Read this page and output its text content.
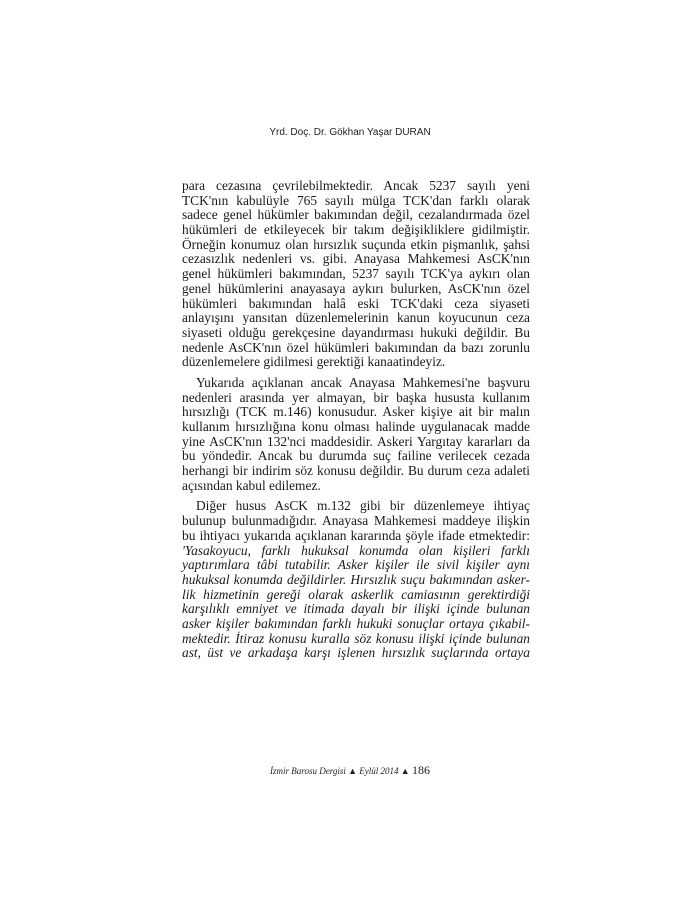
Yrd. Doç. Dr. Gökhan Yaşar DURAN
para cezasına çevrilebilmektedir. Ancak 5237 sayılı yeni
TCK'nın kabulüyle 765 sayılı mülga TCK'dan farklı olarak
sadece genel hükümler bakımından değil, cezalandırmada özel
hükümleri de etkileyecek bir takım değişikliklere gidilmiştir.
Örneğin konumuz olan hırsızlık suçunda etkin pişmanlık, şahsi
cezasızlık nedenleri vs. gibi. Anayasa Mahkemesi AsCK'nın
genel hükümleri bakımından, 5237 sayılı TCK'ya aykırı olan
genel hükümlerini anayasaya aykırı bulurken, AsCK'nın özel
hükümleri bakımından halâ eski TCK'daki ceza siyaseti
anlayışını yansıtan düzenlemelerinin kanun koyucunun ceza
siyaseti olduğu gerekçesine dayandırması hukuki değildir. Bu
nedenle AsCK'nın özel hükümleri bakımından da bazı zorunlu
düzenlemelere gidilmesi gerektiği kanaatindeyiz.
Yukarıda açıklanan ancak Anayasa Mahkemesi'ne başvuru
nedenleri arasında yer almayan, bir başka hususta kullanım
hırsızlığı (TCK m.146) konusudur. Asker kişiye ait bir malın
kullanım hırsızlığına konu olması halinde uygulanacak madde
yine AsCK'nın 132'nci maddesidir. Askeri Yargıtay kararları da
bu yöndedir. Ancak bu durumda suç failine verilecek cezada
herhangi bir indirim söz konusu değildir. Bu durum ceza adaleti
açısından kabul edilemez.
Diğer husus AsCK m.132 gibi bir düzenlemeye ihtiyaç
bulunup bulunmadığıdır. Anayasa Mahkemesi maddeye ilişkin
bu ihtiyacı yukarıda açıklanan kararında şöyle ifade etmektedir:
'Yasakoyucu, farklı hukuksal konumda olan kişileri farklı
yaptırımlara tâbi tutabilir. Asker kişiler ile sivil kişiler aynı
hukuksal konumda değildirler. Hırsızlık suçu bakımından asker-
lik hizmetinin gereği olarak askerlik camiasının gerektirdiği
karşılıklı emniyet ve itimada dayalı bir ilişki içinde bulunan
asker kişiler bakımından farklı hukuki sonuçlar ortaya çıkabil-
mektedir. İtiraz konusu kuralla söz konusu ilişki içinde bulunan
ast, üst ve arkadaşa karşı işlenen hırsızlık suçlarında ortaya
İzmir Barosu Dergisi ▲ Eylül 2014 ▲ 186
